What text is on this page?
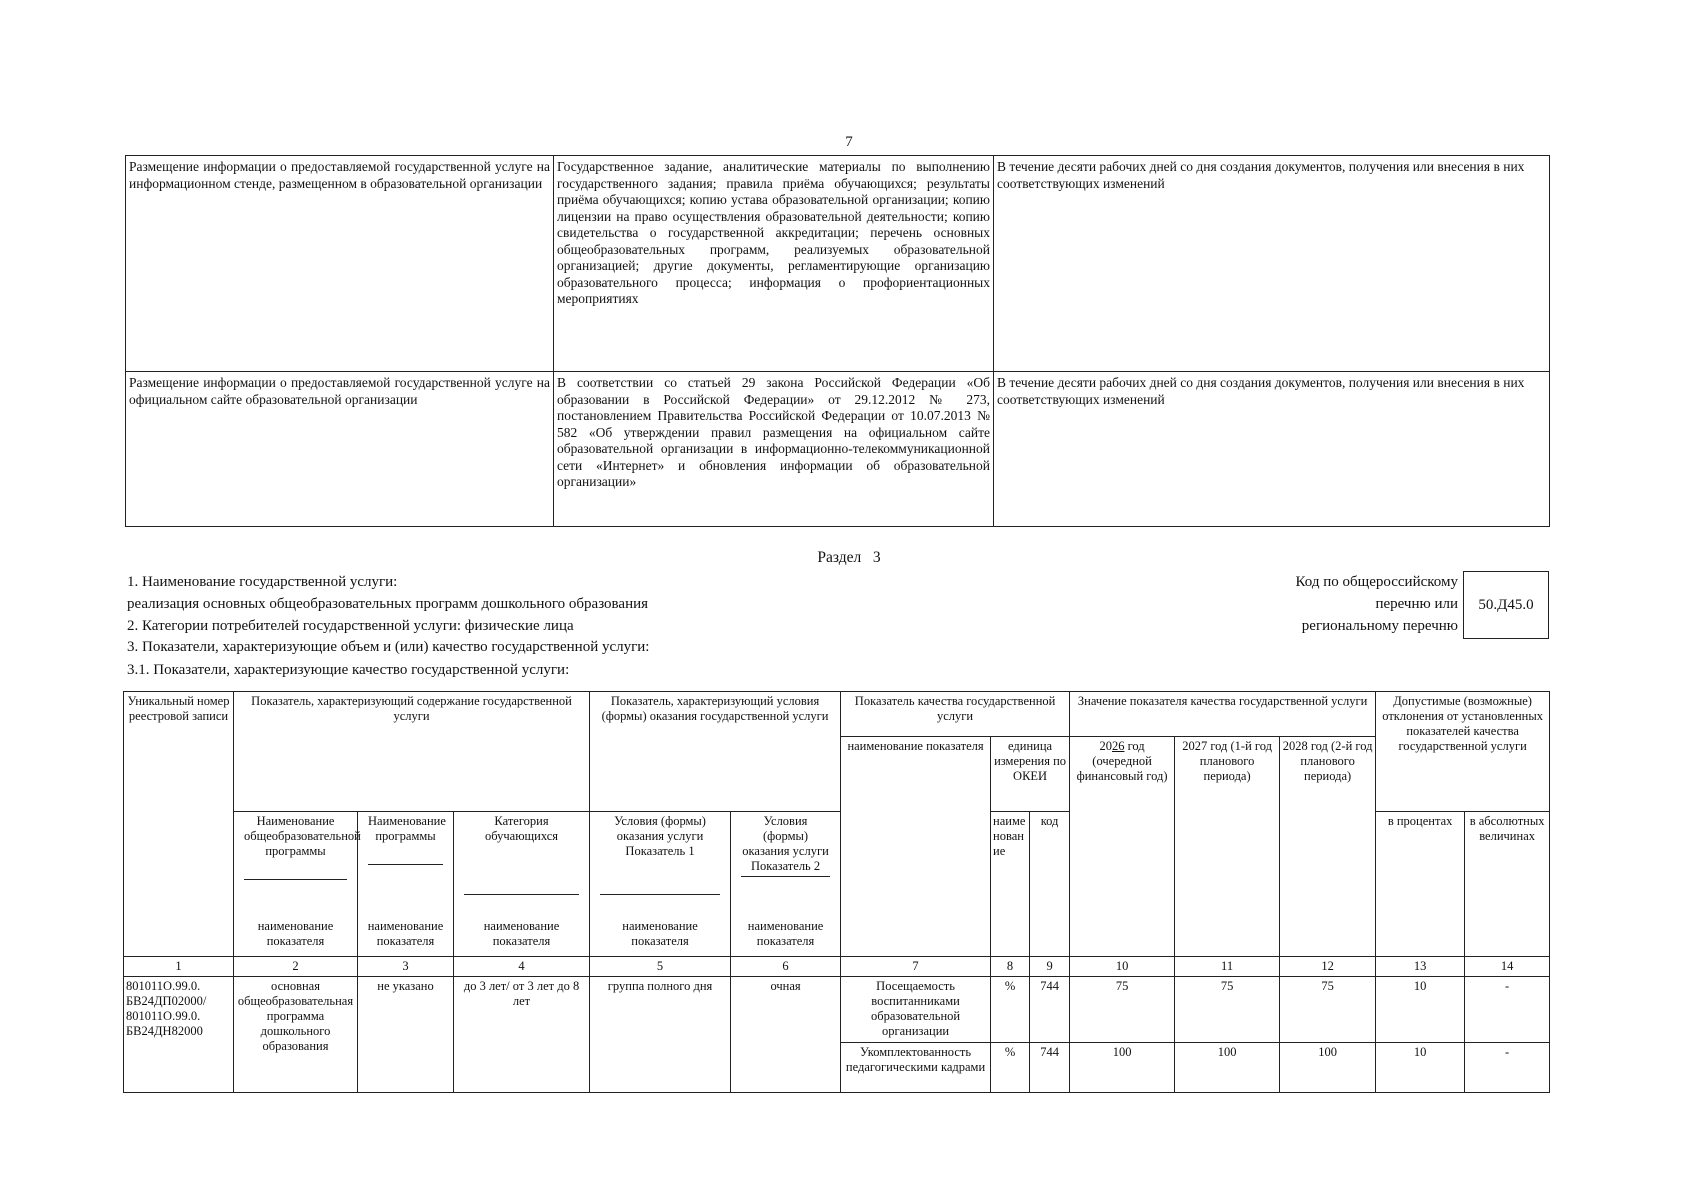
7
Размещение информации о предоставляемой государственной услуге на информационном стенде, размещенном в образовательной организации	Государственное задание, аналитические материалы по выполнению государственного задания; правила приёма обучающихся; результаты приёма обучающихся; копию устава образовательной организации; копию лицензии на право осуществления образовательной деятельности; копию свидетельства о государственной аккредитации; перечень основных общеобразовательных программ, реализуемых образовательной организацией; другие документы, регламентирующие организацию образовательного процесса; информация о профориентационных мероприятиях	В течение десяти рабочих дней со дня создания документов, получения или внесения в них соответствующих изменений
Размещение информации о предоставляемой государственной услуге на официальном сайте образовательной организации	В соответствии со статьей 29 закона Российской Федерации «Об образовании в Российской Федерации» от 29.12.2012 № 273, постановлением Правительства Российской Федерации от 10.07.2013 № 582 «Об утверждении правил размещения на официальном сайте образовательной организации в информационно-телекоммуникационной сети «Интернет» и обновления информации об образовательной организации»	В течение десяти рабочих дней со дня создания документов, получения или внесения в них соответствующих изменений
Раздел 3
1. Наименование государственной услуги:
реализация основных общеобразовательных программ дошкольного образования
2. Категории потребителей государственной услуги: физические лица
3. Показатели, характеризующие объем и (или) качество государственной услуги:
3.1. Показатели, характеризующие качество государственной услуги:
Код по общероссийскому
перечню или
региональному перечню
50.Д45.0
Уникальный номер реестровой записи	Показатель, характеризующий содержание государственной услуги			Показатель, характеризующий условия (формы) оказания государственной услуги		Показатель качества государственной услуги			Значение показателя качества государственной услуги			Допустимые (возможные) отклонения от установленных показателей качества государственной услуги	
						наименование показателя	единица измерения по ОКЕИ		2026 год (очередной финансовый год)	2027 год (1-й год планового периода)	2028 год (2-й год планового периода)		

	Наименование общеобразовательной программы	Наименование программы	Категория обучающихся	Условия (формы) оказания услуги Показатель 1	Условия (формы) оказания услуги Показатель 2		наименование	код				в процентах	в абсолютных величинах
	наименование показателя	наименование показателя	наименование показателя	наименование показателя	наименование показателя								
1	2	3	4	5	6	7	8	9	10	11	12	13	14
801011О.99.0. БВ24ДП02000/ 801011О.99.0. БВ24ДН82000	основная общеобразовательная программа дошкольного образования	не указано	до 3 лет/ от 3 лет до 8 лет	группа полного дня	очная	Посещаемость воспитанниками образовательной организации	%	744	75	75	75	10	-
						Укомплектованность педагогическими кадрами	%	744	100	100	100	10	-
